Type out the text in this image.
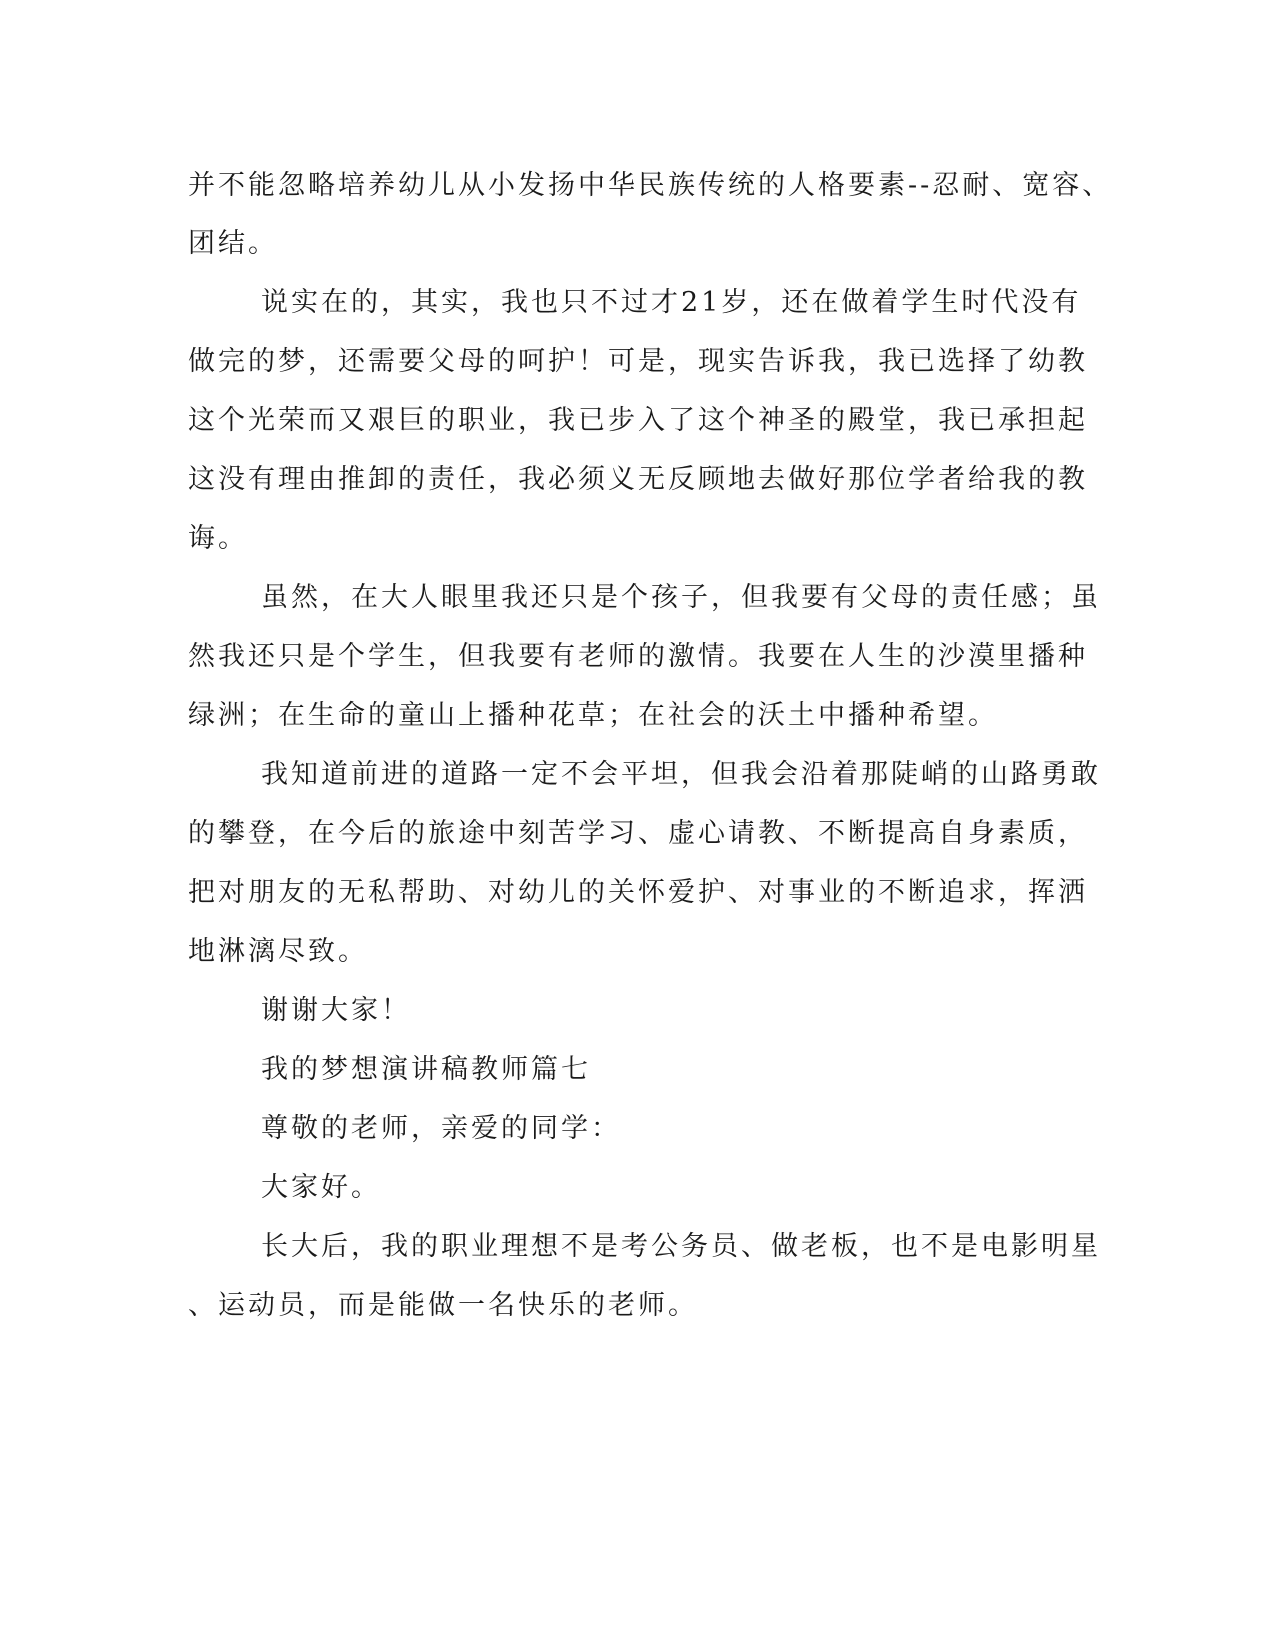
并不能忽略培养幼儿从小发扬中华民族传统的人格要素--忍耐、宽容、
团结。
说实在的，其实，我也只不过才21岁，还在做着学生时代没有
做完的梦，还需要父母的呵护！可是，现实告诉我，我已选择了幼教
这个光荣而又艰巨的职业，我已步入了这个神圣的殿堂，我已承担起
这没有理由推卸的责任，我必须义无反顾地去做好那位学者给我的教
诲。
虽然，在大人眼里我还只是个孩子，但我要有父母的责任感；虽
然我还只是个学生，但我要有老师的激情。我要在人生的沙漠里播种
绿洲；在生命的童山上播种花草；在社会的沃土中播种希望。
我知道前进的道路一定不会平坦，但我会沿着那陡峭的山路勇敢
的攀登，在今后的旅途中刻苦学习、虚心请教、不断提高自身素质，
把对朋友的无私帮助、对幼儿的关怀爱护、对事业的不断追求，挥洒
地淋漓尽致。
谢谢大家！
我的梦想演讲稿教师篇七
尊敬的老师，亲爱的同学：
大家好。
长大后，我的职业理想不是考公务员、做老板，也不是电影明星
、运动员，而是能做一名快乐的老师。
